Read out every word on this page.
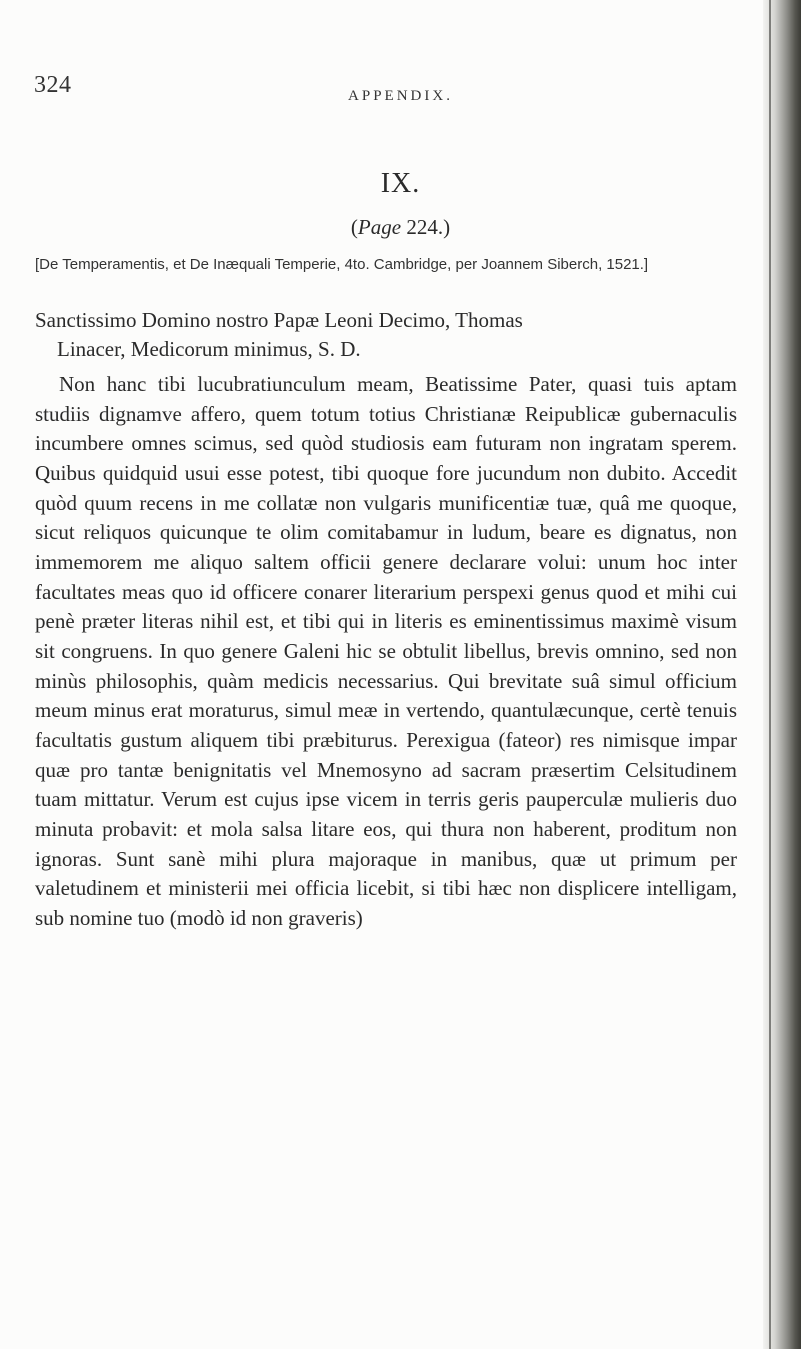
324	APPENDIX.
IX.
(Page 224.)
[De Temperamentis, et De Inæquali Temperie, 4to. Cambridge, per Joannem Siberch, 1521.]
Sanctissimo Domino nostro Papæ Leoni Decimo, Thomas
Linacer, Medicorum minimus, S. D.
Non hanc tibi lucubratiunculum meam, Beatissime Pater, quasi tuis aptam studiis dignamve affero, quem totum totius Christianæ Reipublicæ gubernaculis incumbere omnes scimus, sed quòd studiosis eam futuram non ingratam sperem. Quibus quidquid usui esse potest, tibi quoque fore jucundum non dubito. Accedit quòd quum recens in me collatæ non vulgaris munificentiæ tuæ, quâ me quoque, sicut reliquos quicunque te olim comitabamur in ludum, beare es dignatus, non immemorem me aliquo saltem officii genere declarare volui: unum hoc inter facultates meas quo id officere conarer literarium perspexi genus quod et mihi cui penè præter literas nihil est, et tibi qui in literis es eminentissimus maximè visum sit congruens. In quo genere Galeni hic se obtulit libellus, brevis omnino, sed non minùs philosophis, quàm medicis necessarius. Qui brevitate suâ simul officium meum minus erat moraturus, simul meæ in vertendo, quantulæcunque, certè tenuis facultatis gustum aliquem tibi præbiturus. Perexigua (fateor) res nimisque impar quæ pro tantæ benignitatis vel Mnemosyno ad sacram præsertim Celsitudinem tuam mittatur. Verum est cujus ipse vicem in terris geris pauperculæ mulieris duo minuta probavit: et mola salsa litare eos, qui thura non haberent, proditum non ignoras. Sunt sanè mihi plura majoraque in manibus, quæ ut primum per valetudinem et ministerii mei officia licebit, si tibi hæc non displicere intelligam, sub nomine tuo (modò id non graveris)
